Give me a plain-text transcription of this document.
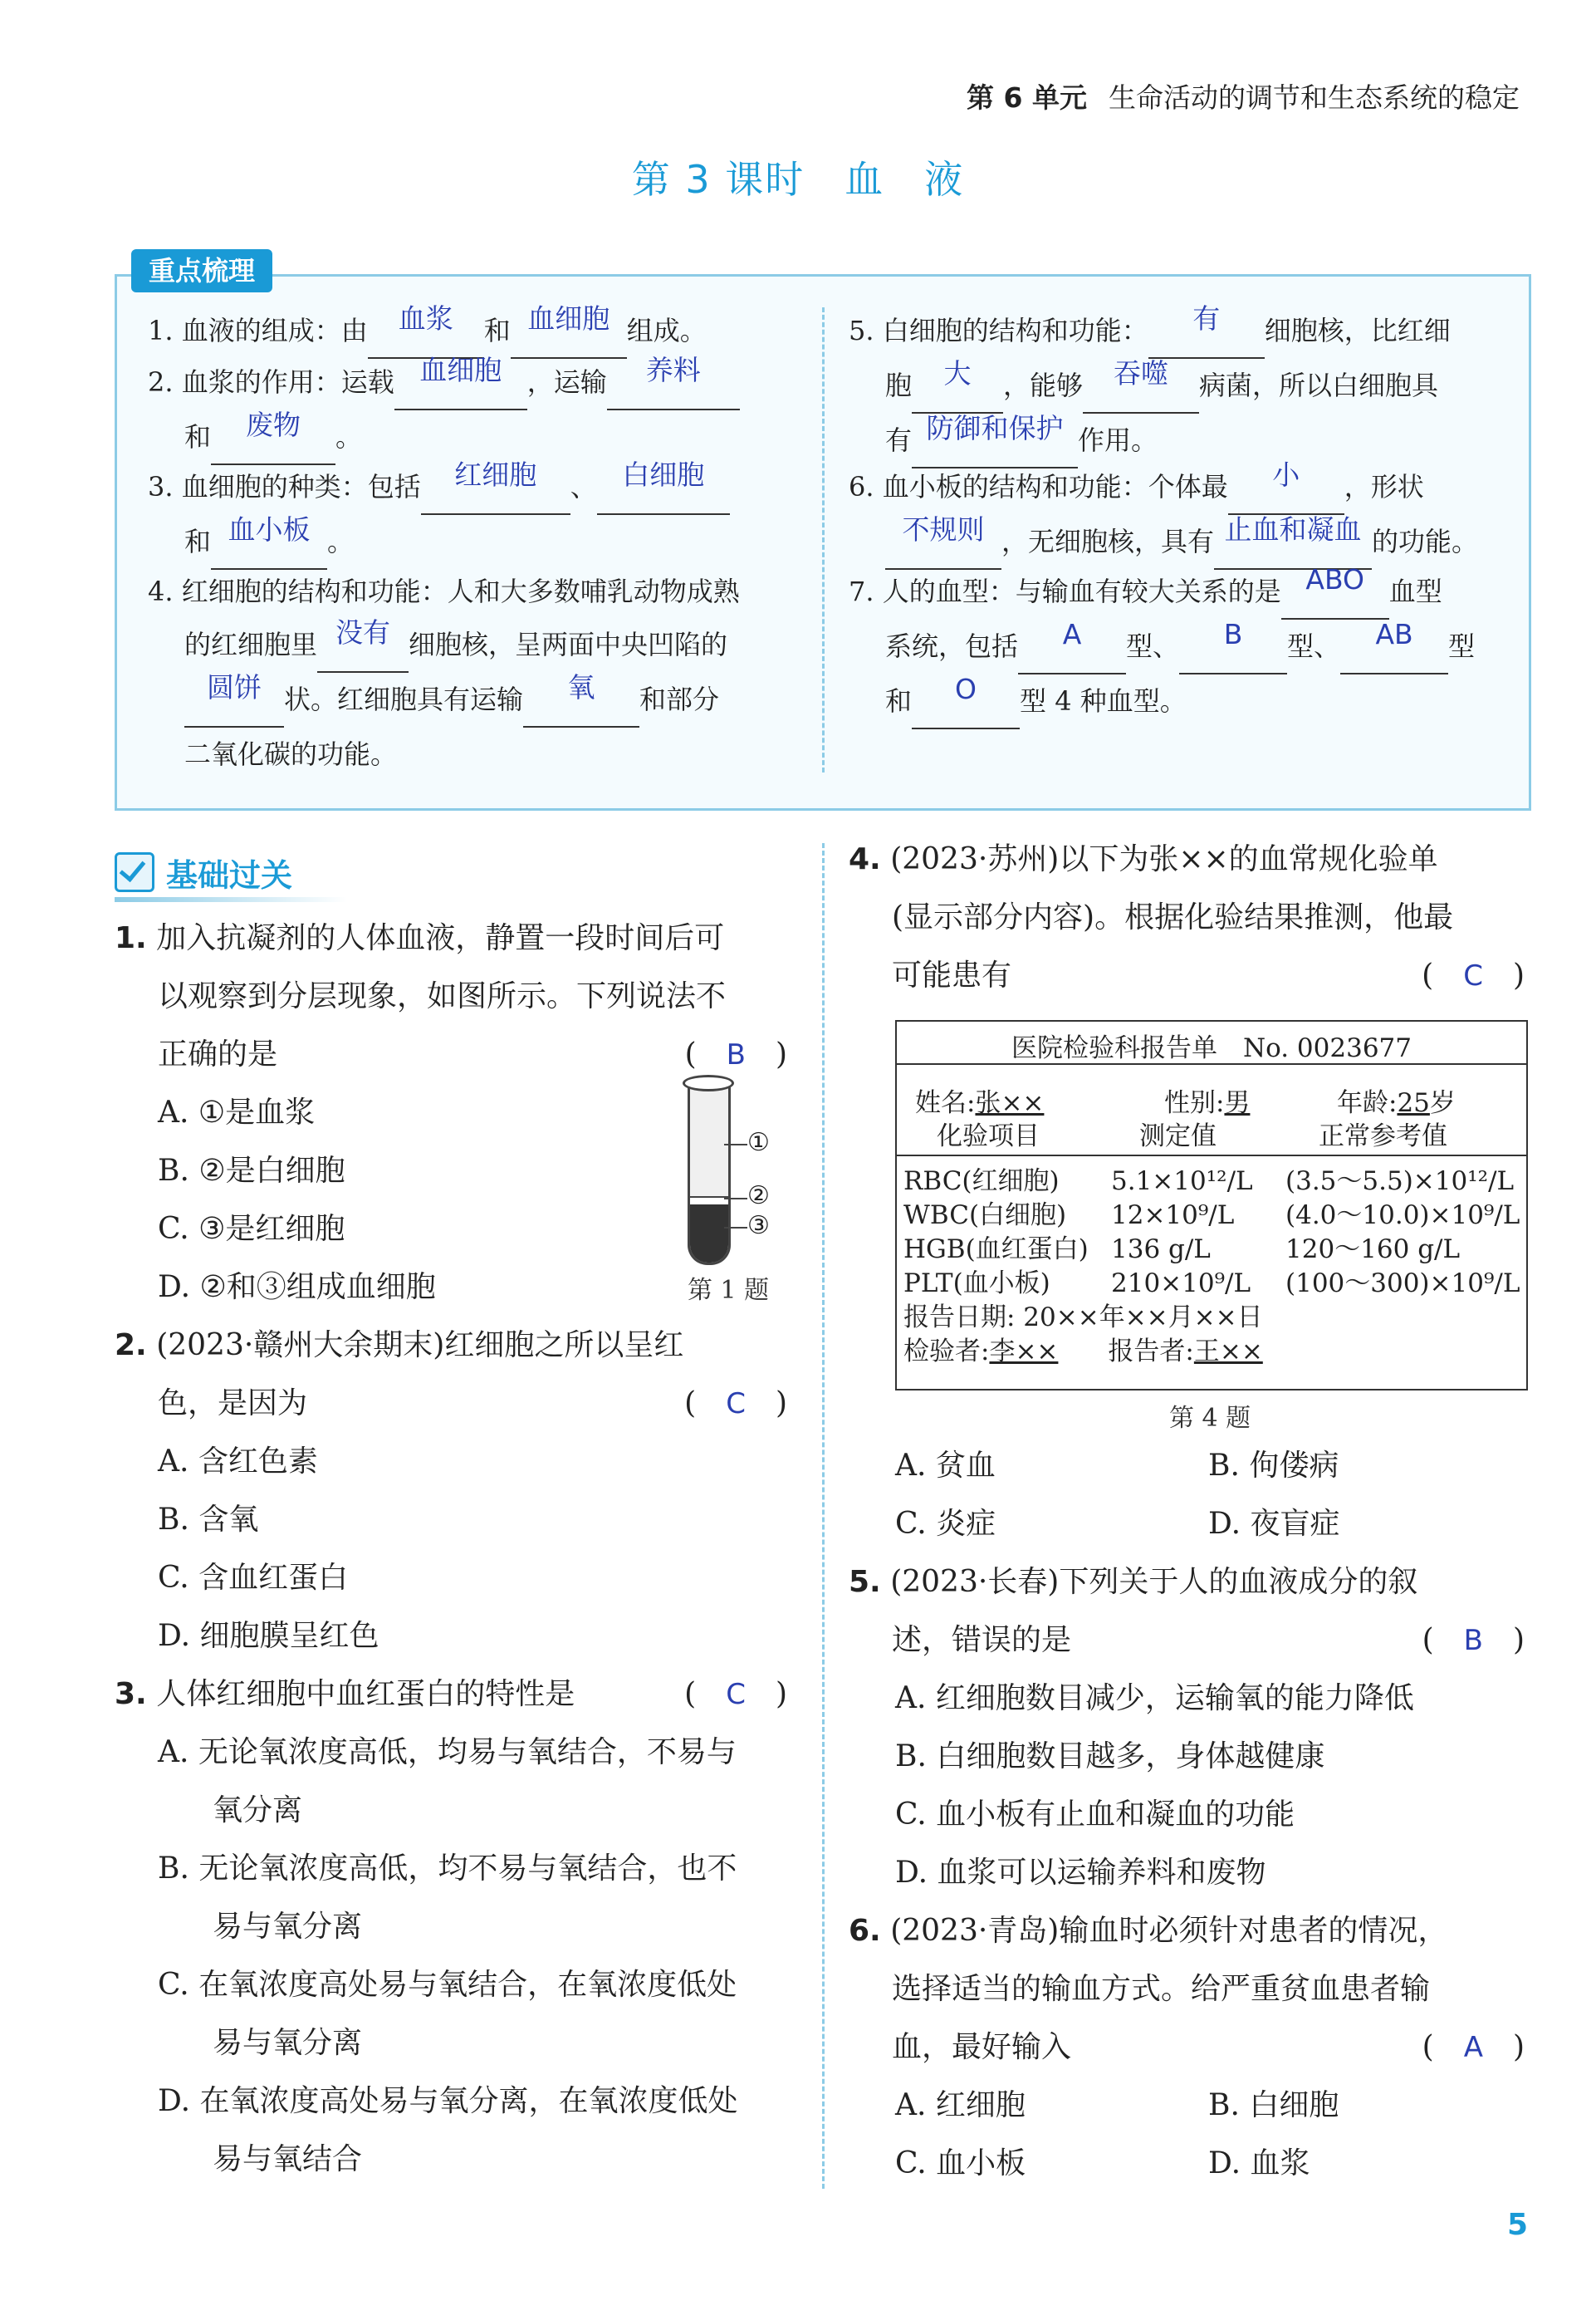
第 6 单元 生命活动的调节和生态系统的稳定
第 3 课时　血　液
重点梳理
1. 血液的组成：由 血浆 和 血细胞 组成。
2. 血浆的作用：运载 血细胞 ，运输 养料
和 废物 。
3. 血细胞的种类：包括 红细胞 、 白细胞
和 血小板 。
4. 红细胞的结构和功能：人和大多数哺乳动物成熟
的红细胞里 没有 细胞核，呈两面中央凹陷的
圆饼 状。红细胞具有运输 氧 和部分
二氧化碳的功能。
5. 白细胞的结构和功能： 有 细胞核，比红细
胞 大 ，能够 吞噬 病菌，所以白细胞具
有 防御和保护 作用。
6. 血小板的结构和功能：个体最 小 ，形状
不规则 ，无细胞核，具有 止血和凝血 的功能。
7. 人的血型：与输血有较大关系的是 ABO 血型
系统，包括 A 型、 B 型、 AB 型
和 O 型 4 种血型。
基础过关
1. 加入抗凝剂的人体血液，静置一段时间后可
以观察到分层现象，如图所示。下列说法不
正确的是	(　B　)
A. ①是血浆
B. ②是白细胞
C. ③是红细胞
D. ②和③组成血细胞
①
②
③
第 1 题
2. (2023·赣州大余期末)红细胞之所以呈红
色，是因为	(　C　)
A. 含红色素
B. 含氧
C. 含血红蛋白
D. 细胞膜呈红色
3. 人体红细胞中血红蛋白的特性是	(　C　)
A. 无论氧浓度高低，均易与氧结合，不易与
氧分离
B. 无论氧浓度高低，均不易与氧结合，也不
易与氧分离
C. 在氧浓度高处易与氧结合，在氧浓度低处
易与氧分离
D. 在氧浓度高处易与氧分离，在氧浓度低处
易与氧结合
4. (2023·苏州)以下为张××的血常规化验单
(显示部分内容)。根据化验结果推测，他最
可能患有	(　C　)
医院检验科报告单　No. 0023677
姓名:张××	性别:男	年龄:25岁
化验项目	测定值	正常参考值
RBC(红细胞)	5.1×10¹²/L	(3.5～5.5)×10¹²/L
WBC(白细胞)	12×10⁹/L	(4.0～10.0)×10⁹/L
HGB(血红蛋白) 136 g/L	120～160 g/L
PLT(血小板)	210×10⁹/L	(100～300)×10⁹/L
报告日期: 20××年××月××日
检验者:李×× 报告者:王××
第 4 题
A. 贫血	B. 佝偻病
C. 炎症	D. 夜盲症
5. (2023·长春)下列关于人的血液成分的叙
述，错误的是	(　B　)
A. 红细胞数目减少，运输氧的能力降低
B. 白细胞数目越多，身体越健康
C. 血小板有止血和凝血的功能
D. 血浆可以运输养料和废物
6. (2023·青岛)输血时必须针对患者的情况，
选择适当的输血方式。给严重贫血患者输
血，最好输入	(　A　)
A. 红细胞	B. 白细胞
C. 血小板	D. 血浆
5
